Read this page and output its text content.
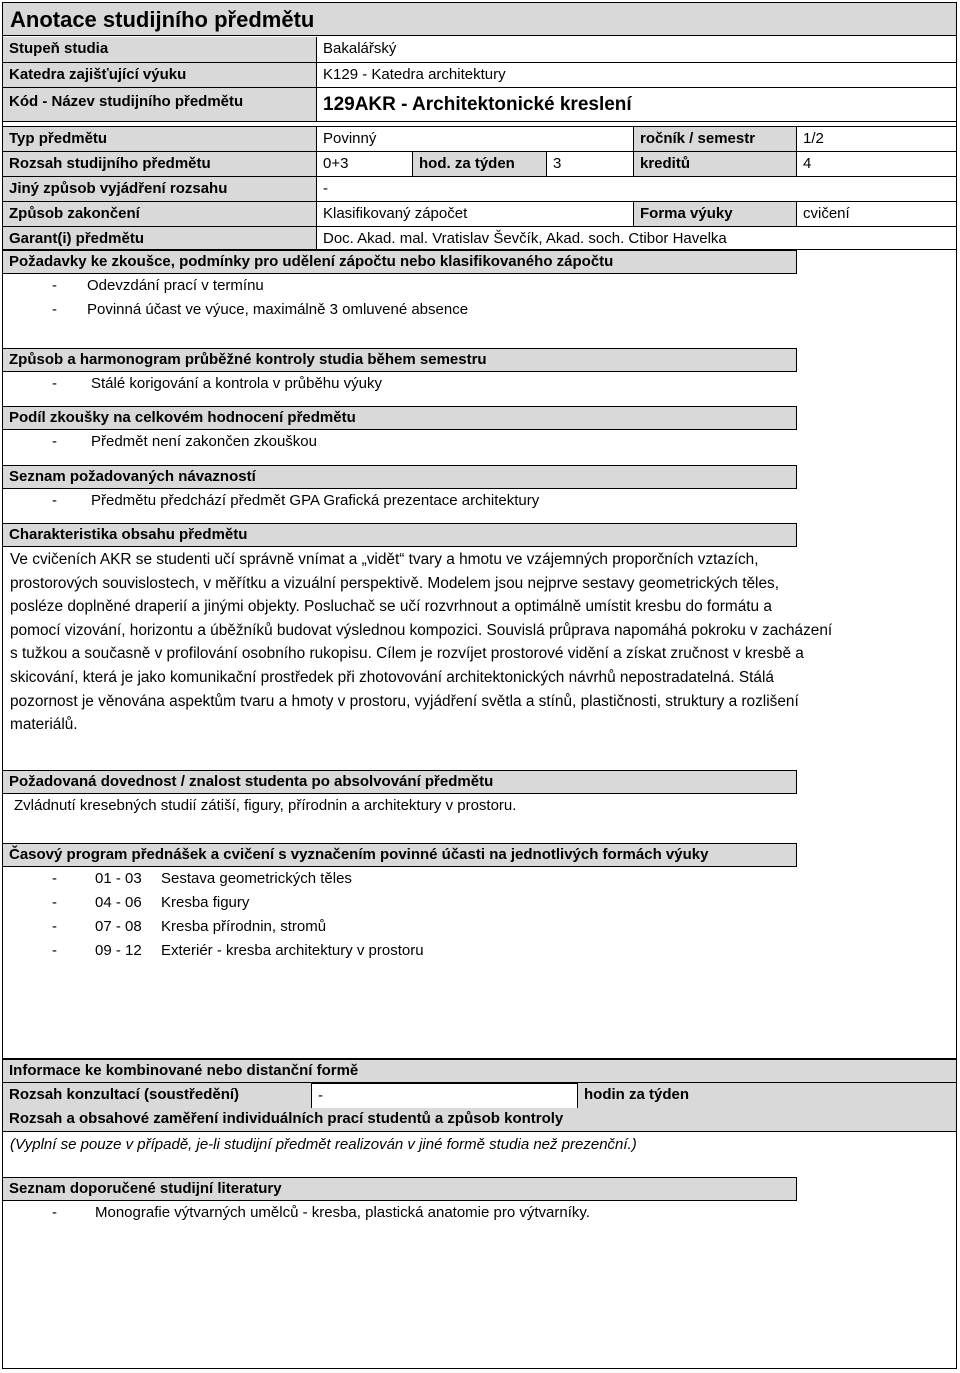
Anotace studijního předmětu
Stupeň studia	Bakalářský
Katedra zajišťující výuku	K129 - Katedra architektury
Kód - Název studijního předmětu	129AKR - Architektonické kreslení
Typ předmětu	Povinný	ročník / semestr	1/2
Rozsah studijního předmětu	0+3	hod. za týden	3	kreditů	4
Jiný způsob vyjádření rozsahu	-
Způsob zakončení	Klasifikovaný zápočet	Forma výuky	cvičení
Garant(i) předmětu	Doc. Akad. mal. Vratislav Ševčík, Akad. soch. Ctibor Havelka
Požadavky ke zkoušce, podmínky pro udělení zápočtu nebo klasifikovaného zápočtu
- Odevzdání prací v termínu
- Povinná účast ve výuce, maximálně 3 omluvené absence
Způsob a harmonogram průběžné kontroly studia během semestru
- Stálé korigování a kontrola v průběhu výuky
Podíl zkoušky na celkovém hodnocení předmětu
- Předmět není zakončen zkouškou
Seznam požadovaných návazností
- Předmětu předchází předmět GPA Grafická prezentace architektury
Charakteristika obsahu předmětu
Ve cvičeních AKR se studenti učí správně vnímat a „vidět“ tvary a hmotu ve vzájemných proporčních vztazích,
prostorových souvislostech, v měřítku a vizuální perspektivě. Modelem jsou nejprve sestavy geometrických těles,
posléze doplněné draperií a jinými objekty. Posluchač se učí rozvrhnout a optimálně umístit kresbu do formátu a
pomocí vizování, horizontu a úběžníků budovat výslednou kompozici. Souvislá průprava napomáhá pokroku v zacházení
s tužkou a současně v profilování osobního rukopisu. Cílem je rozvíjet prostorové vidění a získat zručnost v kresbě a
skicování, která je jako komunikační prostředek při zhotovování architektonických návrhů nepostradatelná. Stálá
pozornost je věnována aspektům tvaru a hmoty v prostoru, vyjádření světla a stínů, plastičnosti, struktury a rozlišení
materiálů.
Požadovaná dovednost / znalost studenta po absolvování předmětu
Zvládnutí kresebných studií zátiší, figury, přírodnin a architektury v prostoru.
Časový program přednášek a cvičení s vyznačením povinné účasti na jednotlivých formách výuky
-	01 - 03 Sestava geometrických těles
-	04 - 06 Kresba figury
-	07 - 08 Kresba přírodnin, stromů
-	09 - 12 Exteriér - kresba architektury v prostoru
Informace ke kombinované nebo distanční formě
Rozsah konzultací (soustředění)	-	hodin za týden
Rozsah a obsahové zaměření individuálních prací studentů a způsob kontroly
(Vyplní se pouze v případě, je-li studijní předmět realizován v jiné formě studia než prezenční.)
Seznam doporučené studijní literatury
-	Monografie výtvarných umělců - kresba, plastická anatomie pro výtvarníky.
